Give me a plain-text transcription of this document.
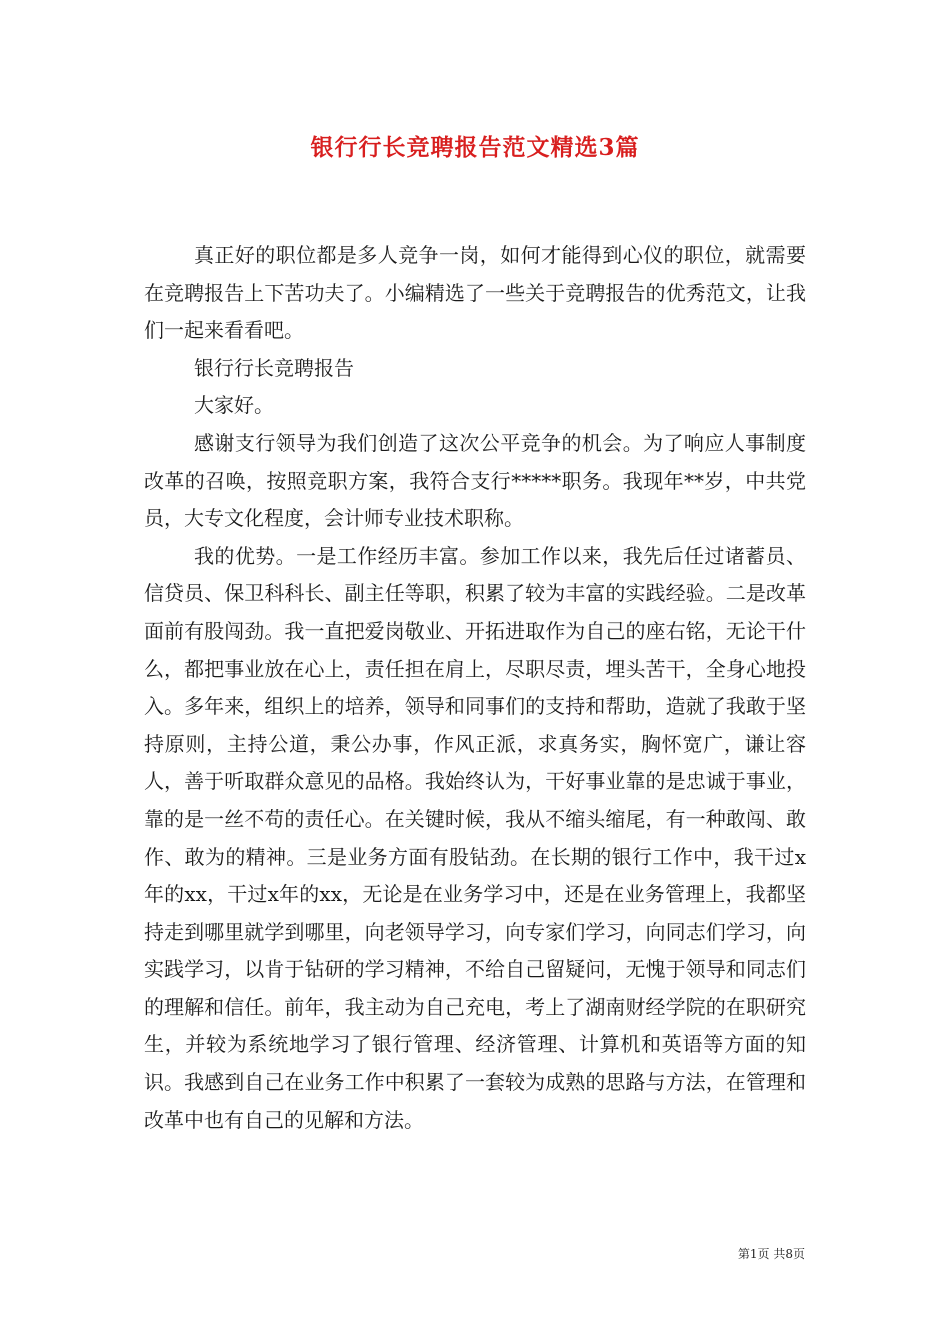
银行行长竞聘报告范文精选3篇

真正好的职位都是多人竞争一岗，如何才能得到心仪的职位，就需要在竞聘报告上下苦功夫了。小编精选了一些关于竞聘报告的优秀范文，让我们一起来看看吧。

银行行长竞聘报告

大家好。

感谢支行领导为我们创造了这次公平竞争的机会。为了响应人事制度改革的召唤，按照竞职方案，我符合支行*****职务。我现年**岁，中共党员，大专文化程度，会计师专业技术职称。

我的优势。一是工作经历丰富。参加工作以来，我先后任过诸蓄员、信贷员、保卫科科长、副主任等职，积累了较为丰富的实践经验。二是改革面前有股闯劲。我一直把爱岗敬业、开拓进取作为自己的座右铭，无论干什么，都把事业放在心上，责任担在肩上，尽职尽责，埋头苦干，全身心地投入。多年来，组织上的培养，领导和同事们的支持和帮助，造就了我敢于坚持原则，主持公道，秉公办事，作风正派，求真务实，胸怀宽广，谦让容人，善于听取群众意见的品格。我始终认为，干好事业靠的是忠诚于事业，靠的是一丝不苟的责任心。在关键时候，我从不缩头缩尾，有一种敢闯、敢作、敢为的精神。三是业务方面有股钻劲。在长期的银行工作中，我干过x年的xx，干过x年的xx，无论是在业务学习中，还是在业务管理上，我都坚持走到哪里就学到哪里，向老领导学习，向专家们学习，向同志们学习，向实践学习，以肯于钻研的学习精神，不给自己留疑问，无愧于领导和同志们的理解和信任。前年，我主动为自己充电，考上了湖南财经学院的在职研究生，并较为系统地学习了银行管理、经济管理、计算机和英语等方面的知识。我感到自己在业务工作中积累了一套较为成熟的思路与方法，在管理和改革中也有自己的见解和方法。

第1页 共8页
